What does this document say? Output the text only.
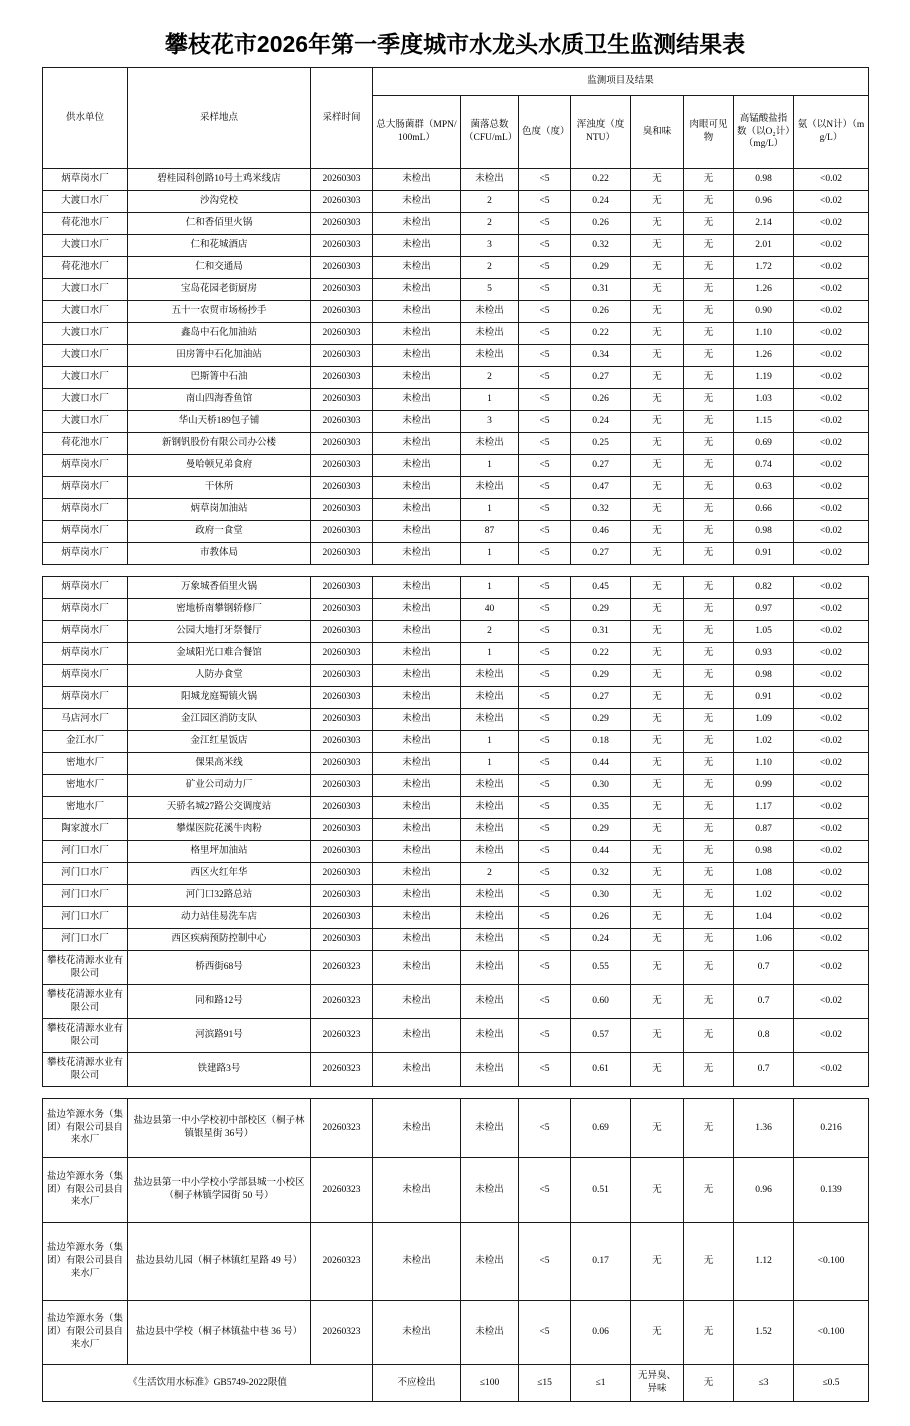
攀枝花市2026年第一季度城市水龙头水质卫生监测结果表
供水单位	采样地点	采样时间	监测项目及结果							
			总大肠菌群（MPN/100mL）	菌落总数（CFU/mL）	色度（度）	浑浊度（度NTU）	臭和味	肉眼可见物	高锰酸盐指数（以O₂计）（mg/L）	氨（以N计）（mg/L）
炳草岗水厂	碧桂园科创路10号土鸡米线店	20260303	未检出	未检出	<5	0.22	无	无	0.98	<0.02
大渡口水厂	沙沟党校	20260303	未检出	2	<5	0.24	无	无	0.96	<0.02
荷花池水厂	仁和香佰里火锅	20260303	未检出	2	<5	0.26	无	无	2.14	<0.02
大渡口水厂	仁和花城酒店	20260303	未检出	3	<5	0.32	无	无	2.01	<0.02
荷花池水厂	仁和交通局	20260303	未检出	2	<5	0.29	无	无	1.72	<0.02
大渡口水厂	宝岛花园老街厨房	20260303	未检出	5	<5	0.31	无	无	1.26	<0.02
大渡口水厂	五十一农贸市场杨抄手	20260303	未检出	未检出	<5	0.26	无	无	0.90	<0.02
大渡口水厂	鑫岛中石化加油站	20260303	未检出	未检出	<5	0.22	无	无	1.10	<0.02
大渡口水厂	田房箐中石化加油站	20260303	未检出	未检出	<5	0.34	无	无	1.26	<0.02
大渡口水厂	巴斯箐中石油	20260303	未检出	2	<5	0.27	无	无	1.19	<0.02
大渡口水厂	南山四海香鱼馆	20260303	未检出	1	<5	0.26	无	无	1.03	<0.02
大渡口水厂	华山天桥189包子铺	20260303	未检出	3	<5	0.24	无	无	1.15	<0.02
荷花池水厂	新钢钒股份有限公司办公楼	20260303	未检出	未检出	<5	0.25	无	无	0.69	<0.02
炳草岗水厂	曼哈顿兄弟食府	20260303	未检出	1	<5	0.27	无	无	0.74	<0.02
炳草岗水厂	干休所	20260303	未检出	未检出	<5	0.47	无	无	0.63	<0.02
炳草岗水厂	炳草岗加油站	20260303	未检出	1	<5	0.32	无	无	0.66	<0.02
炳草岗水厂	政府一食堂	20260303	未检出	87	<5	0.46	无	无	0.98	<0.02
炳草岗水厂	市教体局	20260303	未检出	1	<5	0.27	无	无	0.91	<0.02
炳草岗水厂	万象城香佰里火锅	20260303	未检出	1	<5	0.45	无	无	0.82	<0.02
炳草岗水厂	密地桥南攀钢轿修厂	20260303	未检出	40	<5	0.29	无	无	0.97	<0.02
炳草岗水厂	公园大地打牙祭餐厅	20260303	未检出	2	<5	0.31	无	无	1.05	<0.02
炳草岗水厂	金域阳光口难合餐馆	20260303	未检出	1	<5	0.22	无	无	0.93	<0.02
炳草岗水厂	人防办食堂	20260303	未检出	未检出	<5	0.29	无	无	0.98	<0.02
炳草岗水厂	阳城龙庭蜀镇火锅	20260303	未检出	未检出	<5	0.27	无	无	0.91	<0.02
马店河水厂	金江园区消防支队	20260303	未检出	未检出	<5	0.29	无	无	1.09	<0.02
金江水厂	金江红星饭店	20260303	未检出	1	<5	0.18	无	无	1.02	<0.02
密地水厂	倮果高米线	20260303	未检出	1	<5	0.44	无	无	1.10	<0.02
密地水厂	矿业公司动力厂	20260303	未检出	未检出	<5	0.30	无	无	0.99	<0.02
密地水厂	天骄名城27路公交调度站	20260303	未检出	未检出	<5	0.35	无	无	1.17	<0.02
陶家渡水厂	攀煤医院花溪牛肉粉	20260303	未检出	未检出	<5	0.29	无	无	0.87	<0.02
河门口水厂	格里坪加油站	20260303	未检出	未检出	<5	0.44	无	无	0.98	<0.02
河门口水厂	西区火红年华	20260303	未检出	2	<5	0.32	无	无	1.08	<0.02
河门口水厂	河门口32路总站	20260303	未检出	未检出	<5	0.30	无	无	1.02	<0.02
河门口水厂	动力站佳易洗车店	20260303	未检出	未检出	<5	0.26	无	无	1.04	<0.02
河门口水厂	西区疾病预防控制中心	20260303	未检出	未检出	<5	0.24	无	无	1.06	<0.02
攀枝花清源水业有限公司	桥西街68号	20260323	未检出	未检出	<5	0.55	无	无	0.7	<0.02
攀枝花清源水业有限公司	同和路12号	20260323	未检出	未检出	<5	0.60	无	无	0.7	<0.02
攀枝花清源水业有限公司	河滨路91号	20260323	未检出	未检出	<5	0.57	无	无	0.8	<0.02
攀枝花清源水业有限公司	铁建路3号	20260323	未检出	未检出	<5	0.61	无	无	0.7	<0.02
盐边笮源水务（集团）有限公司县自来水厂	盐边县第一中小学校初中部校区（桐子林镇银星街 36号）	20260323	未检出	未检出	<5	0.69	无	无	1.36	0.216
盐边笮源水务（集团）有限公司县自来水厂	盐边县第一中小学校小学部县城一小校区（桐子林镇学园街 50 号）	20260323	未检出	未检出	<5	0.51	无	无	0.96	0.139
盐边笮源水务（集团）有限公司县自来水厂	盐边县幼儿园（桐子林镇红星路 49 号）	20260323	未检出	未检出	<5	0.17	无	无	1.12	<0.100
盐边笮源水务（集团）有限公司县自来水厂	盐边县中学校（桐子林镇盐中巷 36 号）	20260323	未检出	未检出	<5	0.06	无	无	1.52	<0.100
《生活饮用水标准》GB5749-2022限值			不应检出	≤100	≤15	≤1	无异臭、异味	无	≤3	≤0.5
